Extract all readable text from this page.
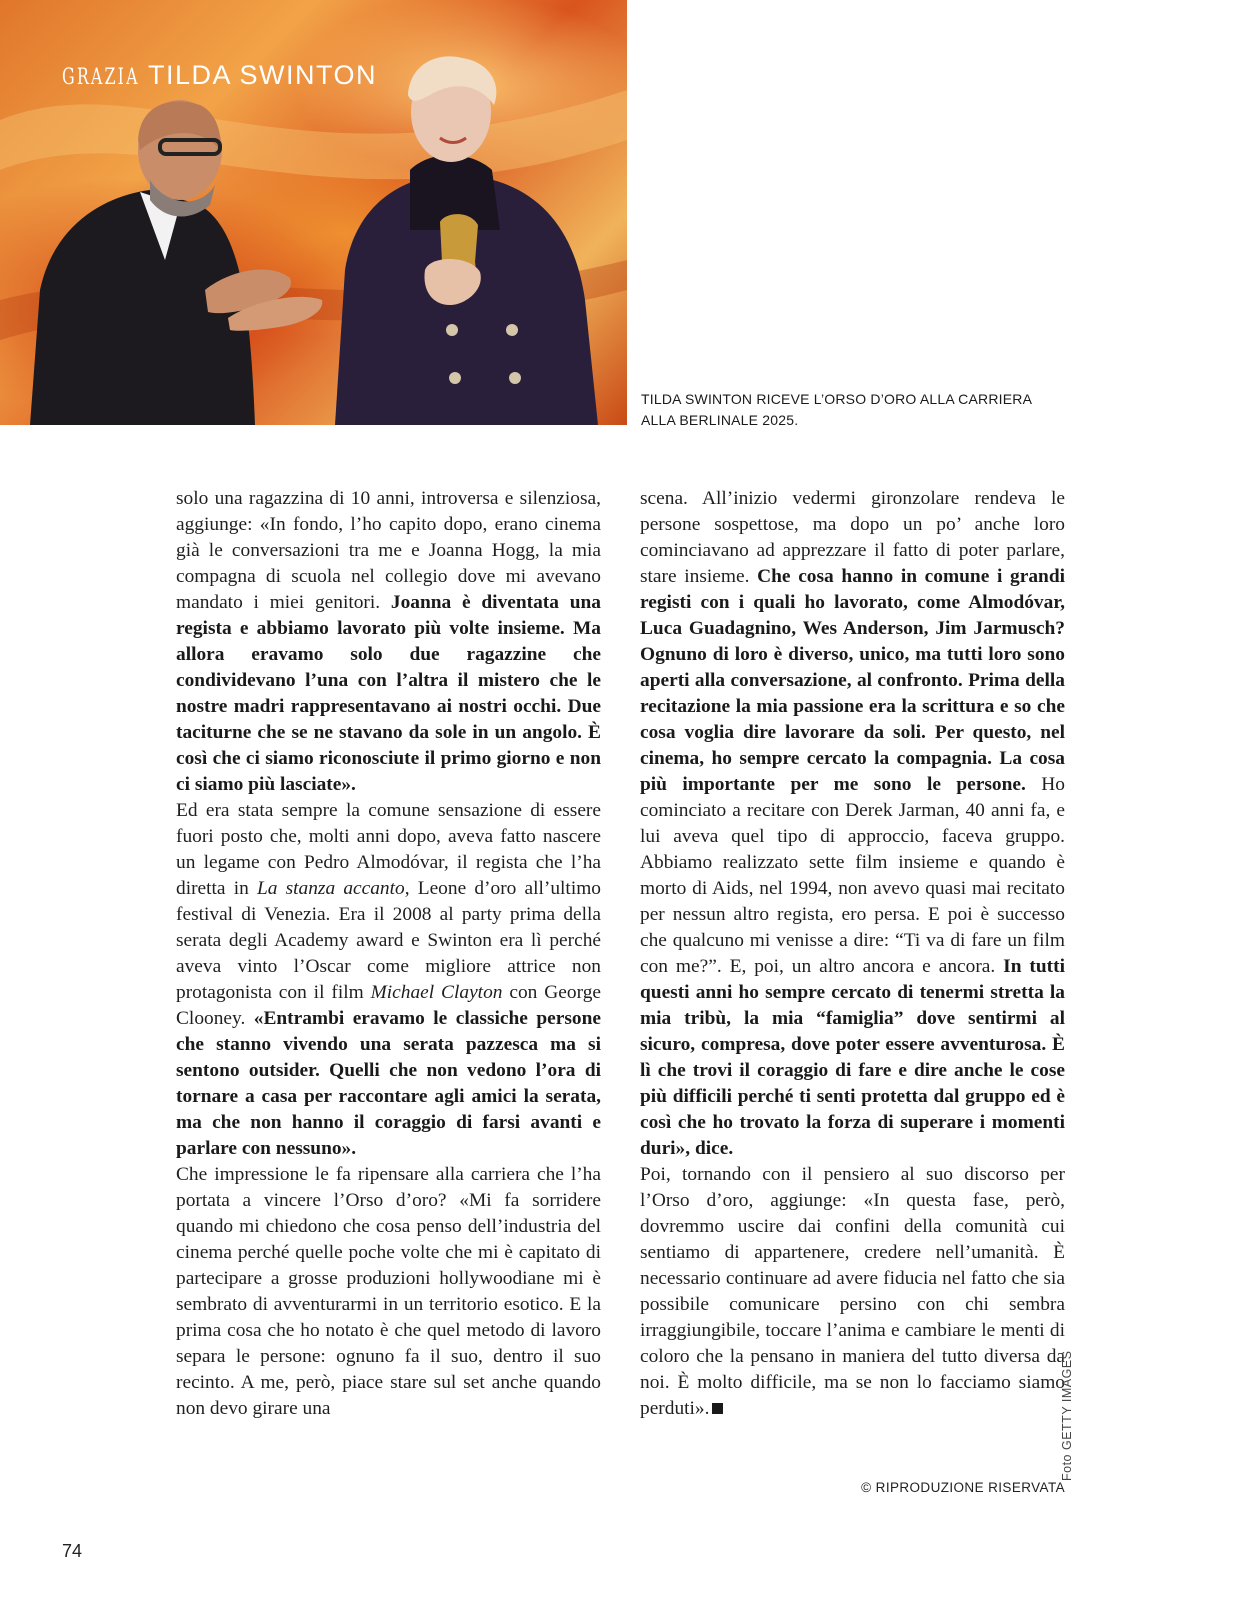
GRAZIA TILDA SWINTON
TILDA SWINTON RICEVE L’ORSO D’ORO ALLA CARRIERA
ALLA BERLINALE 2025.

solo una ragazzina di 10 anni, introversa e silenziosa, aggiunge: «In fondo, l’ho capito dopo, erano cinema già le conversazioni tra me e Joanna Hogg, la mia compagna di scuola nel collegio dove mi avevano mandato i miei genitori. Joanna è diventata una regista e abbiamo lavorato più volte insieme. Ma allora eravamo solo due ragazzine che condividevano l’una con l’altra il mistero che le nostre madri rappresentavano ai nostri occhi. Due taciturne che se ne stavano da sole in un angolo. È così che ci siamo riconosciute il primo giorno e non ci siamo più lasciate».

Ed era stata sempre la comune sensazione di essere fuori posto che, molti anni dopo, aveva fatto nascere un legame con Pedro Almodóvar, il regista che l’ha diretta in La stanza accanto, Leone d’oro all’ultimo festival di Venezia. Era il 2008 al party prima della serata degli Academy award e Swinton era lì perché aveva vinto l’Oscar come migliore attrice non protagonista con il film Michael Clayton con George Clooney. «Entrambi eravamo le classiche persone che stanno vivendo una serata pazzesca ma si sentono outsider. Quelli che non vedono l’ora di tornare a casa per raccontare agli amici la serata, ma che non hanno il coraggio di farsi avanti e parlare con nessuno».

Che impressione le fa ripensare alla carriera che l’ha portata a vincere l’Orso d’oro? «Mi fa sorridere quando mi chiedono che cosa penso dell’industria del cinema perché quelle poche volte che mi è capitato di partecipare a grosse produzioni hollywoodiane mi è sembrato di avventurarmi in un territorio esotico. E la prima cosa che ho notato è che quel metodo di lavoro separa le persone: ognuno fa il suo, dentro il suo recinto. A me, però, piace stare sul set anche quando non devo girare una

scena. All’inizio vedermi gironzolare rendeva le persone sospettose, ma dopo un po’ anche loro cominciavano ad apprezzare il fatto di poter parlare, stare insieme. Che cosa hanno in comune i grandi registi con i quali ho lavorato, come Almodóvar, Luca Guadagnino, Wes Anderson, Jim Jarmusch? Ognuno di loro è diverso, unico, ma tutti loro sono aperti alla conversazione, al confronto. Prima della recitazione la mia passione era la scrittura e so che cosa voglia dire lavorare da soli. Per questo, nel cinema, ho sempre cercato la compagnia. La cosa più importante per me sono le persone. Ho cominciato a recitare con Derek Jarman, 40 anni fa, e lui aveva quel tipo di approccio, faceva gruppo. Abbiamo realizzato sette film insieme e quando è morto di Aids, nel 1994, non avevo quasi mai recitato per nessun altro regista, ero persa. E poi è successo che qualcuno mi venisse a dire: “Ti va di fare un film con me?”. E, poi, un altro ancora e ancora. In tutti questi anni ho sempre cercato di tenermi stretta la mia tribù, la mia “famiglia” dove sentirmi al sicuro, compresa, dove poter essere avventurosa. È lì che trovi il coraggio di fare e dire anche le cose più difficili perché ti senti protetta dal gruppo ed è così che ho trovato la forza di superare i momenti duri», dice.

Poi, tornando con il pensiero al suo discorso per l’Orso d’oro, aggiunge: «In questa fase, però, dovremmo uscire dai confini della comunità cui sentiamo di appartenere, credere nell’umanità. È necessario continuare ad avere fiducia nel fatto che sia possibile comunicare persino con chi sembra irraggiungibile, toccare l’anima e cambiare le menti di coloro che la pensano in maniera del tutto diversa da noi. È molto difficile, ma se non lo facciamo siamo perduti».

© RIPRODUZIONE RISERVATA
Foto GETTY IMAGES
74
